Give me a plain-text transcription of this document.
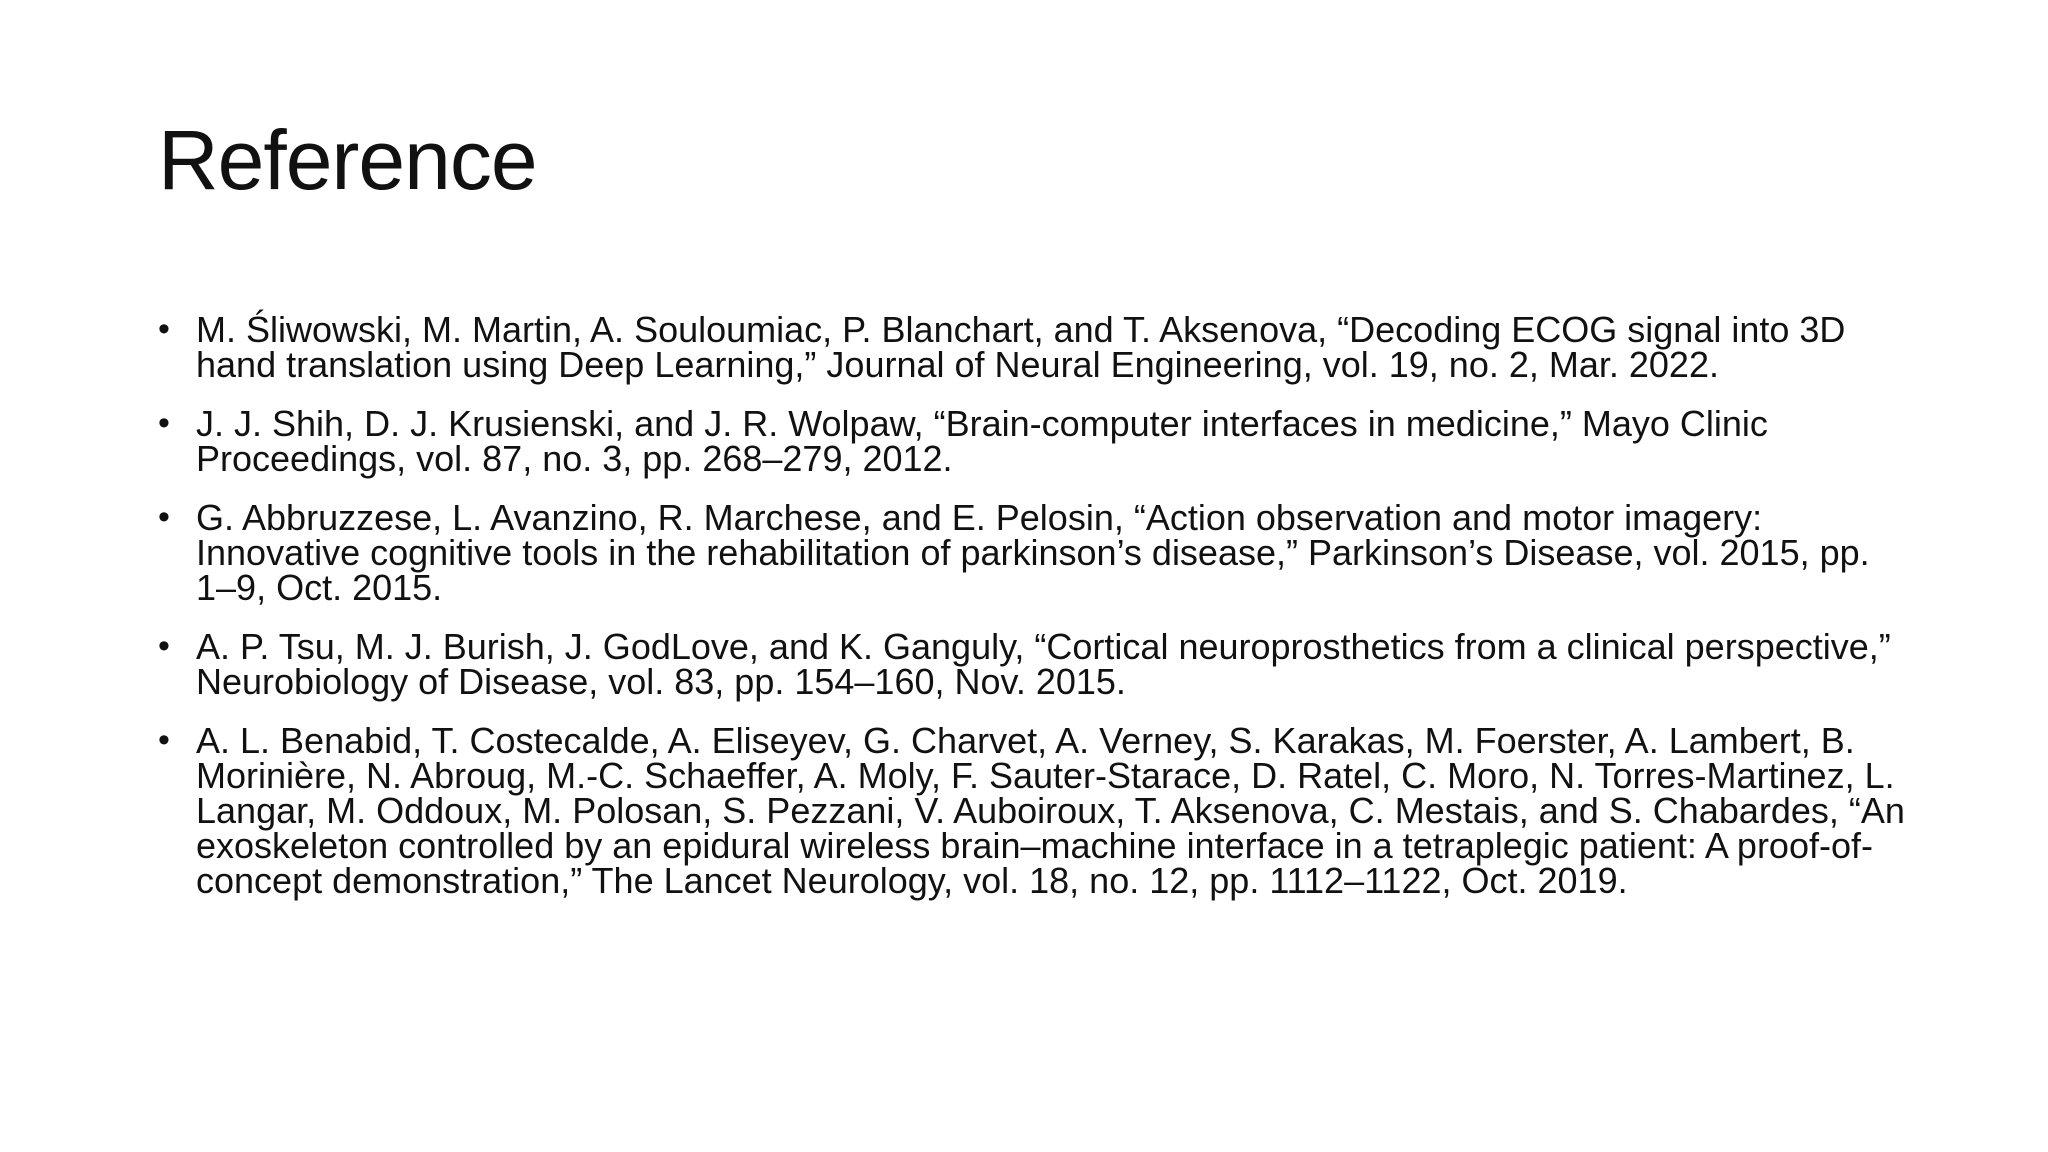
Reference
• M. Śliwowski, M. Martin, A. Souloumiac, P. Blanchart, and T. Aksenova, “Decoding ECOG signal into 3D hand translation using Deep Learning,” Journal of Neural Engineering, vol. 19, no. 2, Mar. 2022.
• J. J. Shih, D. J. Krusienski, and J. R. Wolpaw, “Brain-computer interfaces in medicine,” Mayo Clinic Proceedings, vol. 87, no. 3, pp. 268–279, 2012.
• G. Abbruzzese, L. Avanzino, R. Marchese, and E. Pelosin, “Action observation and motor imagery: Innovative cognitive tools in the rehabilitation of parkinson’s disease,” Parkinson’s Disease, vol. 2015, pp. 1–9, Oct. 2015.
• A. P. Tsu, M. J. Burish, J. GodLove, and K. Ganguly, “Cortical neuroprosthetics from a clinical perspective,” Neurobiology of Disease, vol. 83, pp. 154–160, Nov. 2015.
• A. L. Benabid, T. Costecalde, A. Eliseyev, G. Charvet, A. Verney, S. Karakas, M. Foerster, A. Lambert, B. Morinière, N. Abroug, M.-C. Schaeffer, A. Moly, F. Sauter-Starace, D. Ratel, C. Moro, N. Torres-Martinez, L. Langar, M. Oddoux, M. Polosan, S. Pezzani, V. Auboiroux, T. Aksenova, C. Mestais, and S. Chabardes, “An exoskeleton controlled by an epidural wireless brain–machine interface in a tetraplegic patient: A proof-of-concept demonstration,” The Lancet Neurology, vol. 18, no. 12, pp. 1112–1122, Oct. 2019.
